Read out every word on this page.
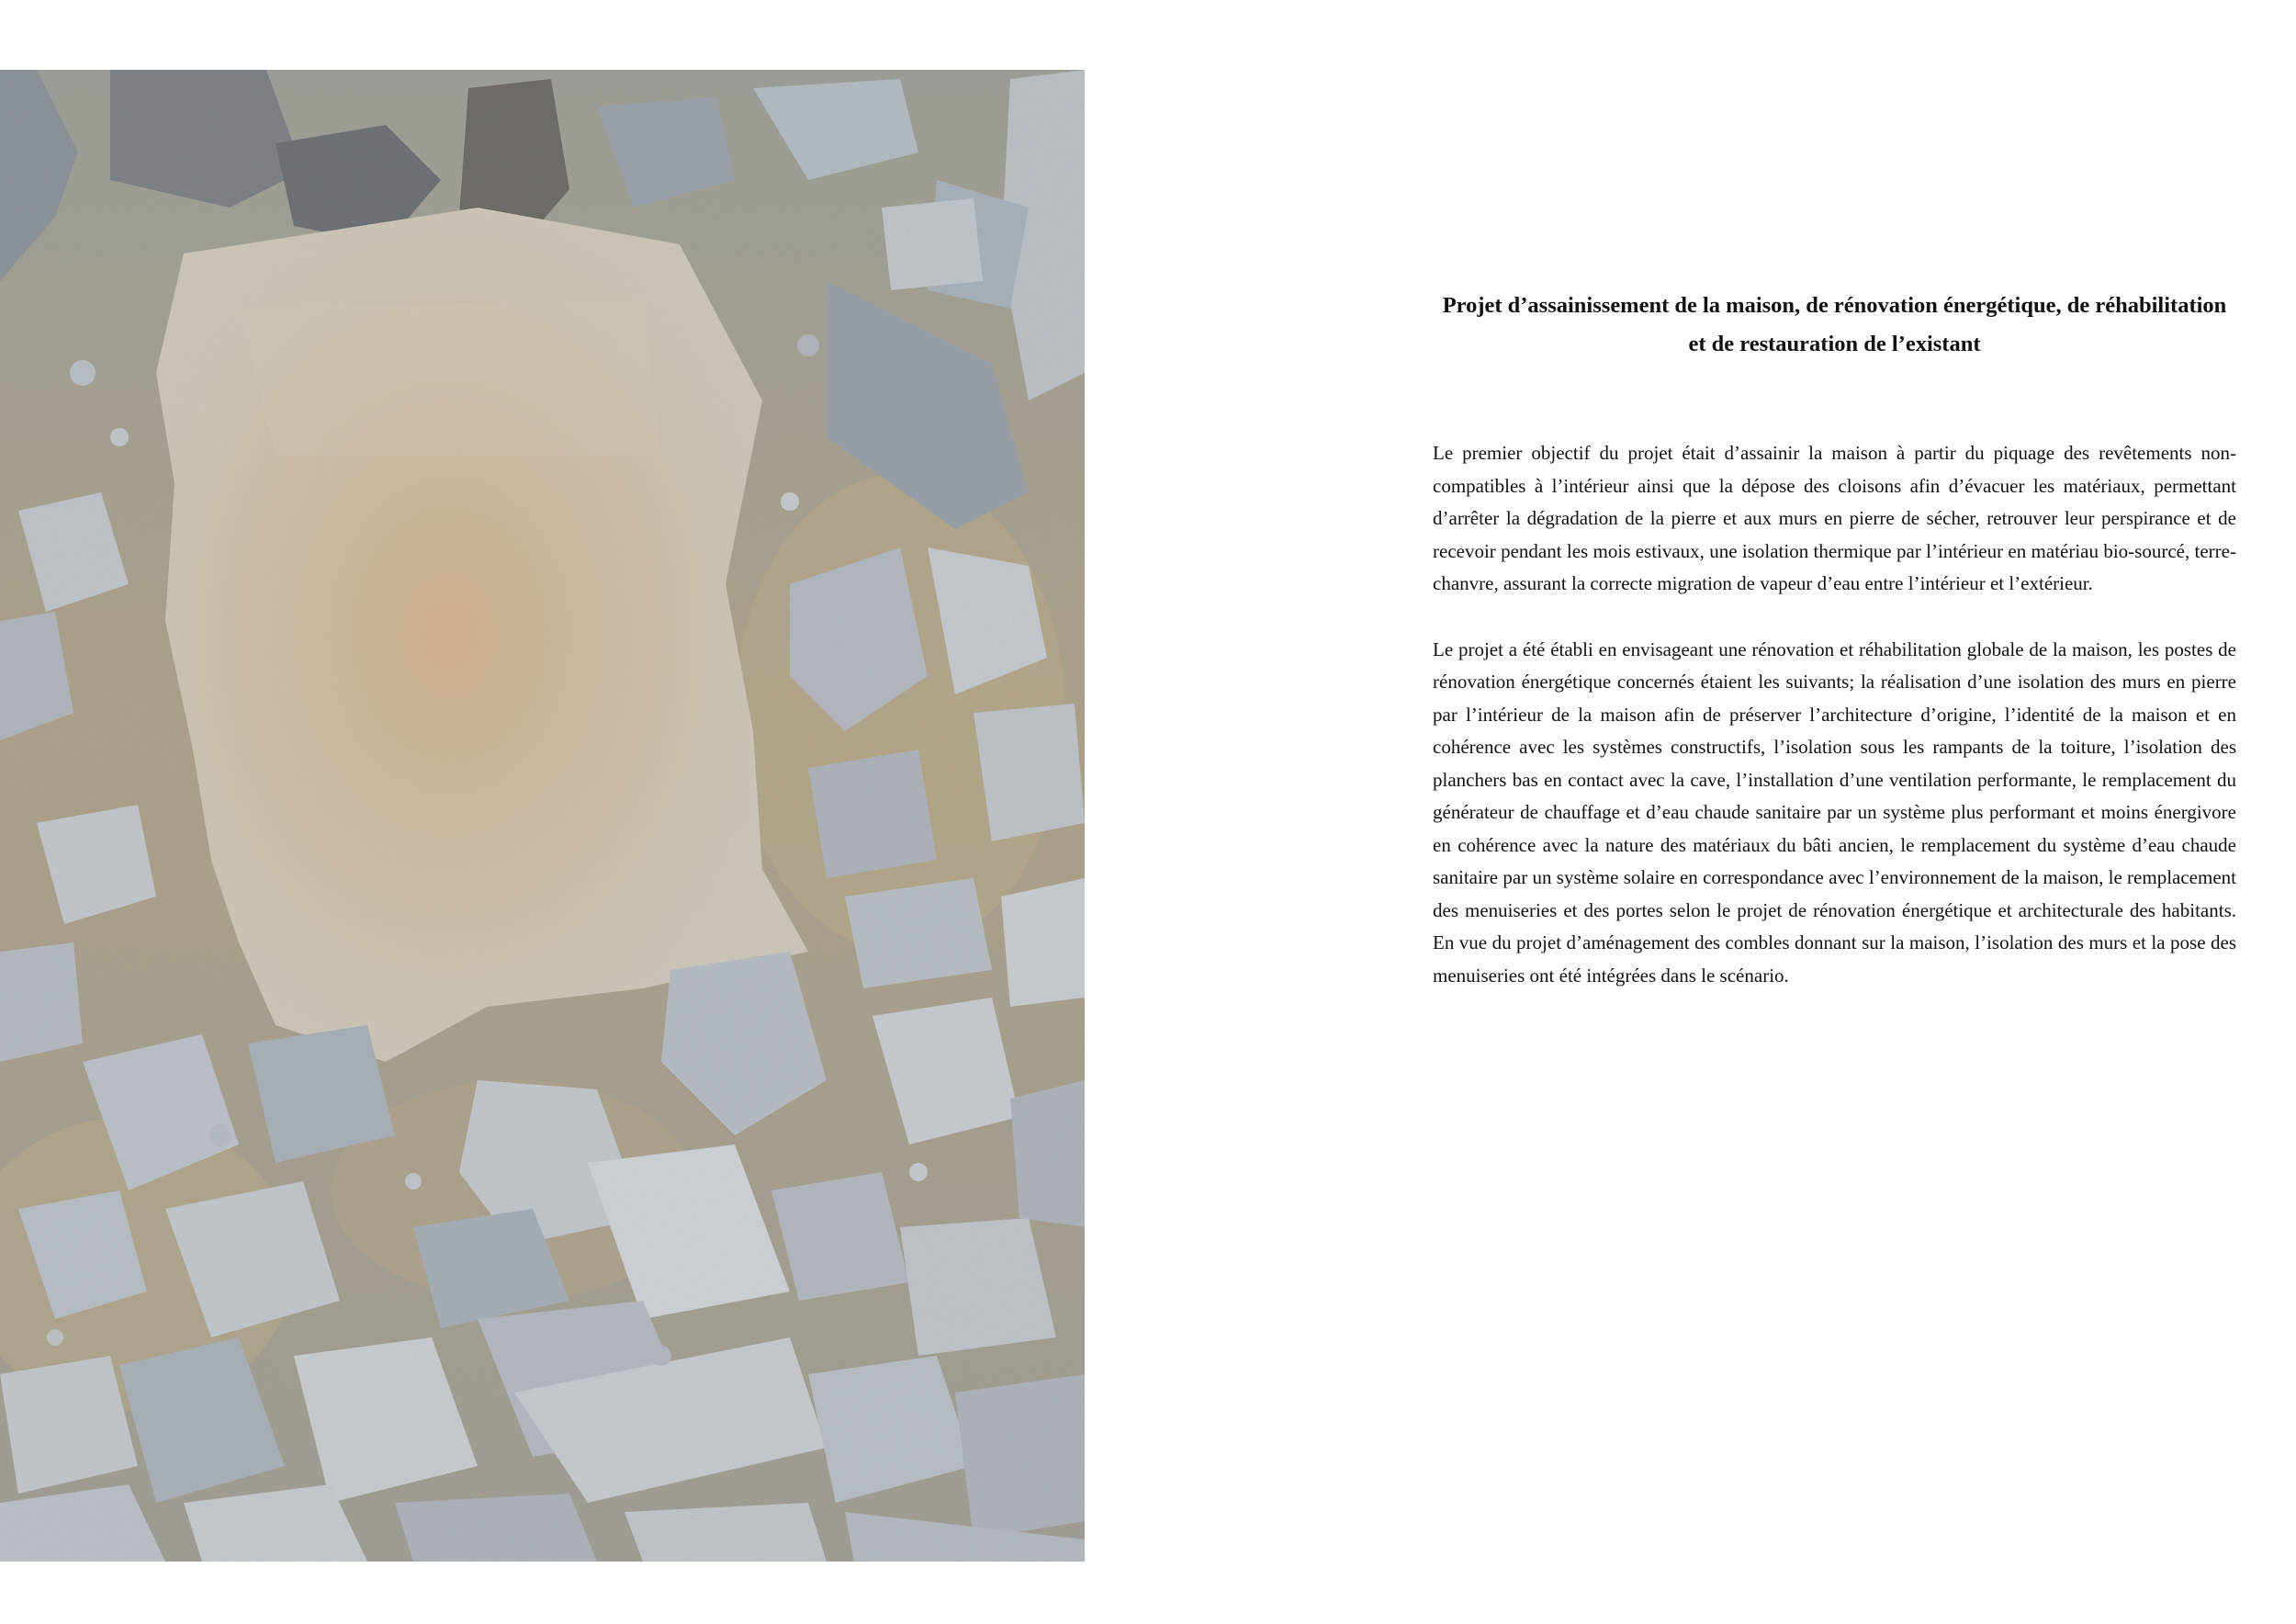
Projet d’assainissement de la maison, de rénovation énergétique, de réhabilitation
et de restauration de l’existant

Le premier objectif du projet était d’assainir la maison à partir du piquage des revêtements non-compatibles à l’intérieur ainsi que la dépose des cloisons afin d’évacuer les matériaux, permettant d’arrêter la dégradation de la pierre et aux murs en pierre de sécher, retrouver leur perspirance et de recevoir pendant les mois estivaux, une isolation thermique par l’intérieur en matériau bio-sourcé, terre-chanvre, assurant la correcte migration de vapeur d’eau entre l’intérieur et l’extérieur.

Le projet a été établi en envisageant une rénovation et réhabilitation globale de la maison, les postes de rénovation énergétique concernés étaient les suivants; la réalisation d’une isolation des murs en pierre par l’intérieur de la maison afin de préserver l’architecture d’origine, l’identité de la maison et en cohérence avec les systèmes constructifs, l’isolation sous les rampants de la toiture, l’isolation des planchers bas en contact avec la cave, l’installation d’une ventilation performante, le remplacement du générateur de chauffage et d’eau chaude sanitaire par un système plus performant et moins énergivore en cohérence avec la nature des matériaux du bâti ancien, le remplacement du système d’eau chaude sanitaire par un système solaire en correspondance avec l’environnement de la maison, le remplacement des menuiseries et des portes selon le projet de rénovation énergétique et architecturale des habitants. En vue du projet d’aménagement des combles donnant sur la maison, l’isolation des murs et la pose des menuiseries ont été intégrées dans le scénario.
